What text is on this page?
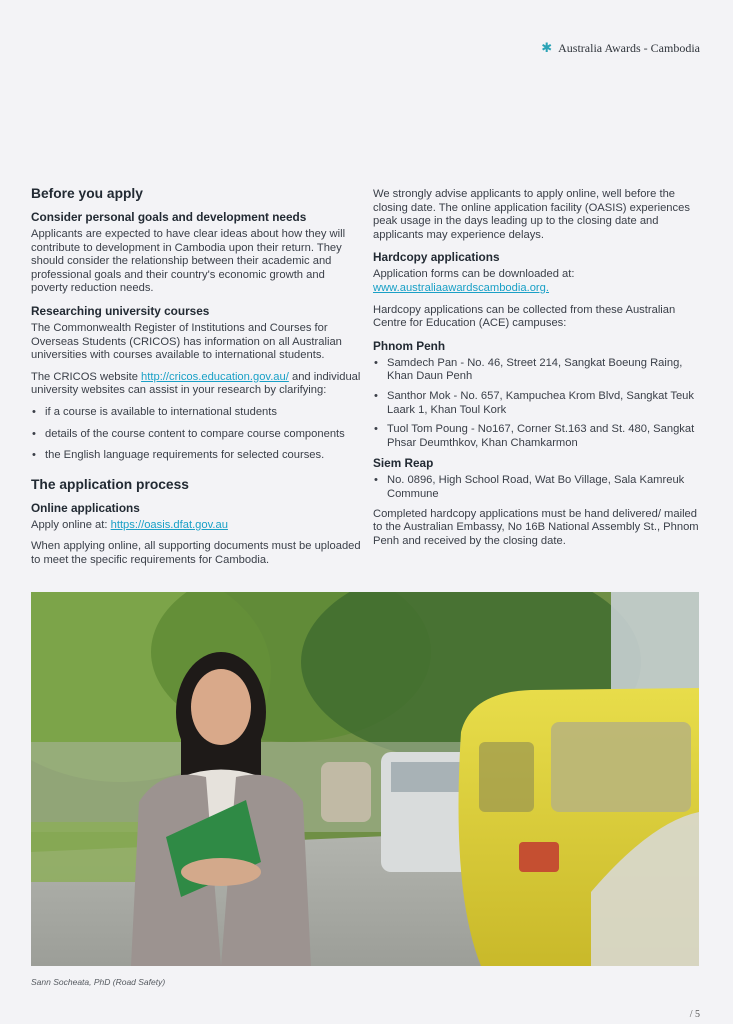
✱ Australia Awards - Cambodia
Before you apply
Consider personal goals and development needs

Applicants are expected to have clear ideas about how they will contribute to development in Cambodia upon their return. They should consider the relationship between their academic and professional goals and their country's economic growth and poverty reduction needs.

Researching university courses

The Commonwealth Register of Institutions and Courses for Overseas Students (CRICOS) has information on all Australian universities with courses available to international students.

The CRICOS website http://cricos.education.gov.au/ and individual university websites can assist in your research by clarifying:

• if a course is available to international students
• details of the course content to compare course components
• the English language requirements for selected courses.
The application process
Online applications

Apply online at: https://oasis.dfat.gov.au

When applying online, all supporting documents must be uploaded to meet the specific requirements for Cambodia.

We strongly advise applicants to apply online, well before the closing date. The online application facility (OASIS) experiences peak usage in the days leading up to the closing date and applicants may experience delays.

Hardcopy applications

Application forms can be downloaded at:
www.australiaawardscambodia.org.

Hardcopy applications can be collected from these Australian Centre for Education (ACE) campuses:

Phnom Penh
• Samdech Pan - No. 46, Street 214, Sangkat Boeung Raing, Khan Daun Penh
• Santhor Mok - No. 657, Kampuchea Krom Blvd, Sangkat Teuk Laark 1, Khan Toul Kork
• Tuol Tom Poung - No167, Corner St.163 and St. 480, Sangkat Phsar Deumthkov, Khan Chamkarmon
Siem Reap
• No. 0896, High School Road, Wat Bo Village, Sala Kamreuk Commune

Completed hardcopy applications must be hand delivered/ mailed to the Australian Embassy, No 16B National Assembly St., Phnom Penh and received by the closing date.

Sann Socheata, PhD (Road Safety)
/ 5
